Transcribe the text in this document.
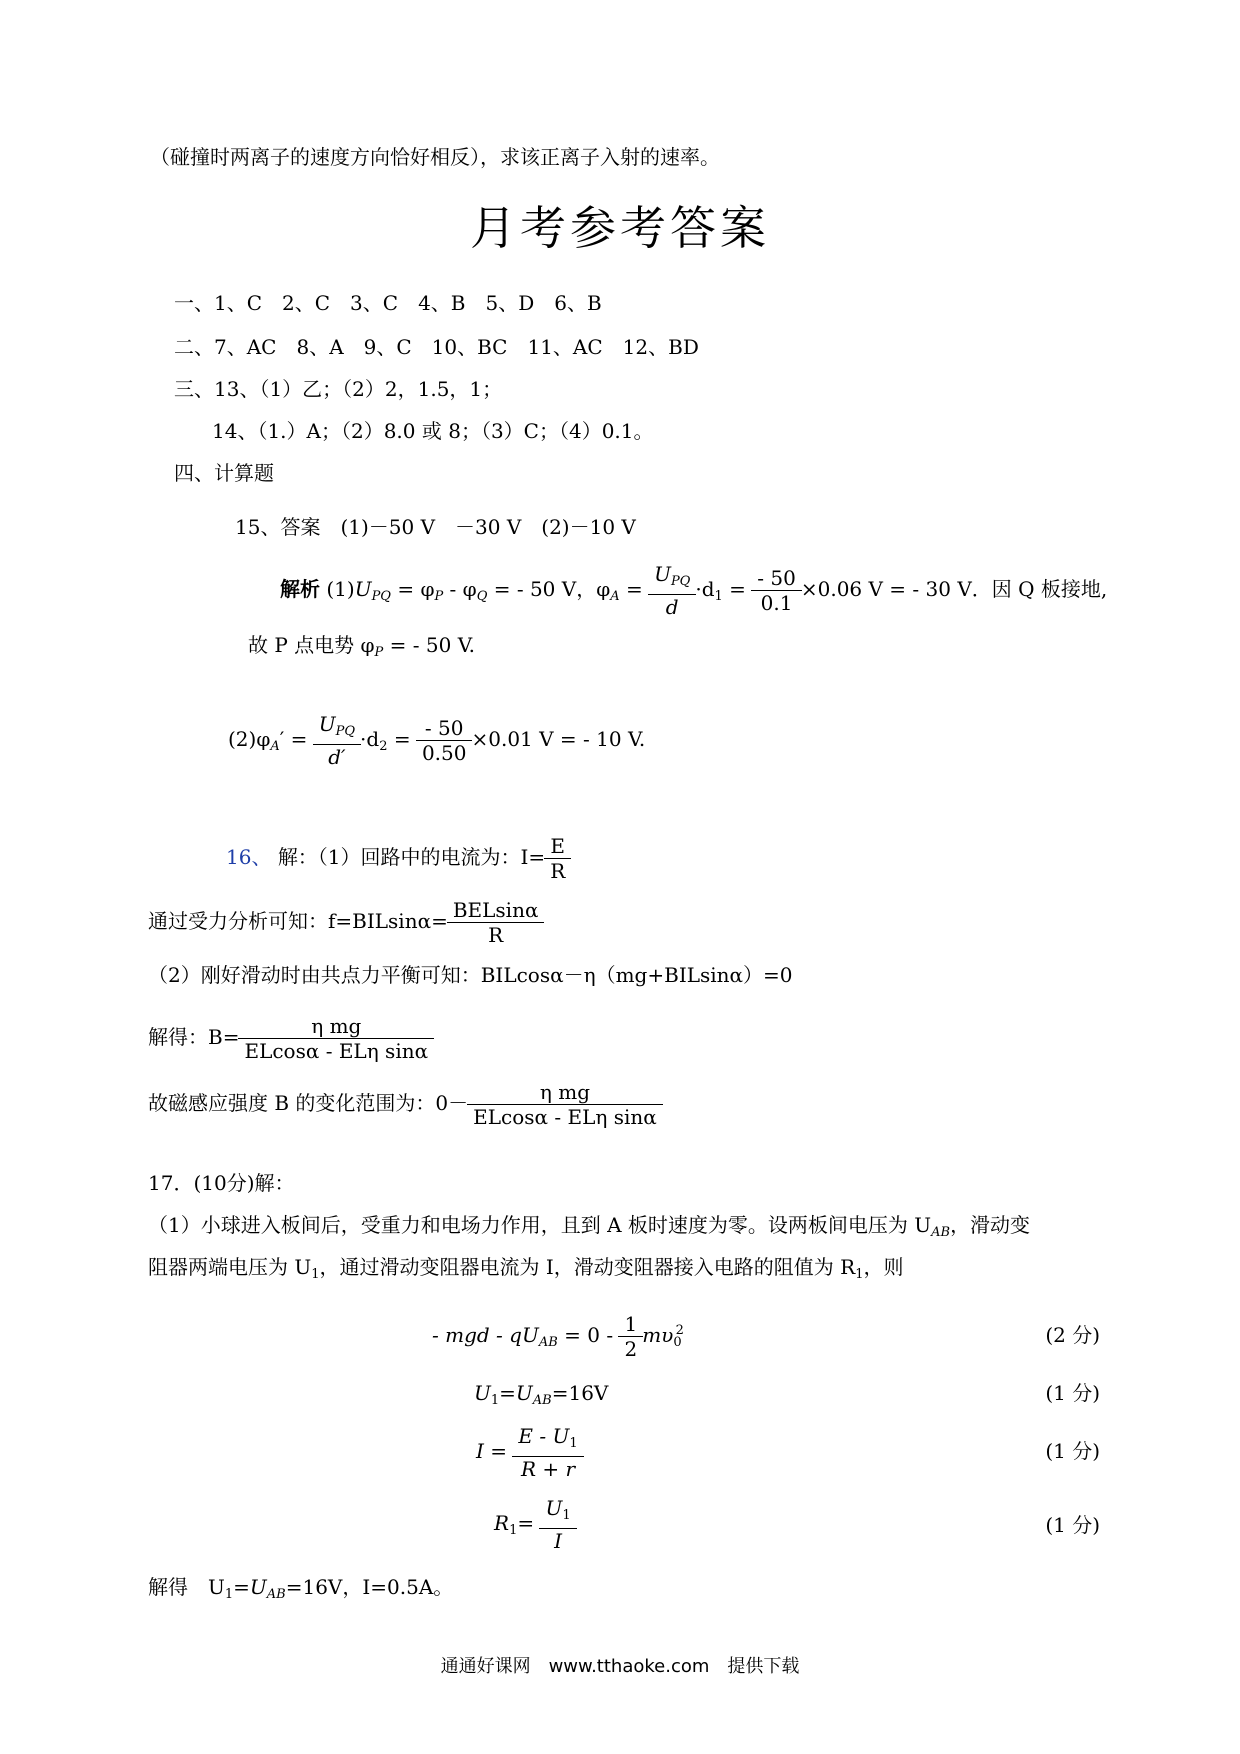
（碰撞时两离子的速度方向恰好相反），求该正离子入射的速率。
月考参考答案
一、1、C　2、C　3、C　4、B　5、D　6、B
二、7、AC　8、A　9、C　10、BC　11、AC　12、BD
三、13、（1）乙；（2）2，1.5，1；
14、（1.）A；（2）8.0 或 8；（3）C；（4）0.1。
四、计算题
15、答案　(1)－50 V　－30 V　(2)－10 V
解析 $(1)U_{PQ} = \varphi_P - \varphi_Q$ = - 50 V，$\varphi_A = \frac{U_{PQ}}{d} \cdot d_1 = \frac{- 50}{0.1} \times 0.06$ V = - 30 V．因 Q 板接地,
故 P 点电势 $\varphi_P$ = - 50 V.
$(2)\varphi_A' = \frac{U_{PQ}}{d'} \cdot d_2 = \frac{- 50}{0.50} \times 0.01$ V = - 10 V.
16、 解：（1）回路中的电流为：$I= \frac{E}{R}$
通过受力分析可知：$f=BILsin\alpha= \frac{\text{BELsinα}}{R}$
（2）刚好滑动时由共点力平衡可知：BILcosα－η（mg+BILsinα）=0
解得：$B= \frac{\text{η mg}}{\text{ELcosα - ELη sinα}}$
故磁感应强度 B 的变化范围为：$0- \frac{\text{η mg}}{\text{ELcosα - ELη sinα}}$
17．(10分)解：
（1）小球进入板间后，受重力和电场力作用，且到 A 板时速度为零。设两板间电压为 $U_{AB}$，滑动变
阻器两端电压为 $U_1$，通过滑动变阻器电流为 I，滑动变阻器接入电路的阻值为 $R_1$，则
- mgd - $qU_{AB} = 0 - \frac{1}{2} m\upsilon_0^2$	(2 分)
$U_1=U_{AB}=16V$	(1 分)
$I = \frac{E - U_1}{R + r}$	(1 分)
$R_1= \frac{U_1}{I}$	(1 分)
解得　$U_1=U_{AB}=16V$，I=0.5A。
通通好课网　www.tthaoke.com　提供下载
